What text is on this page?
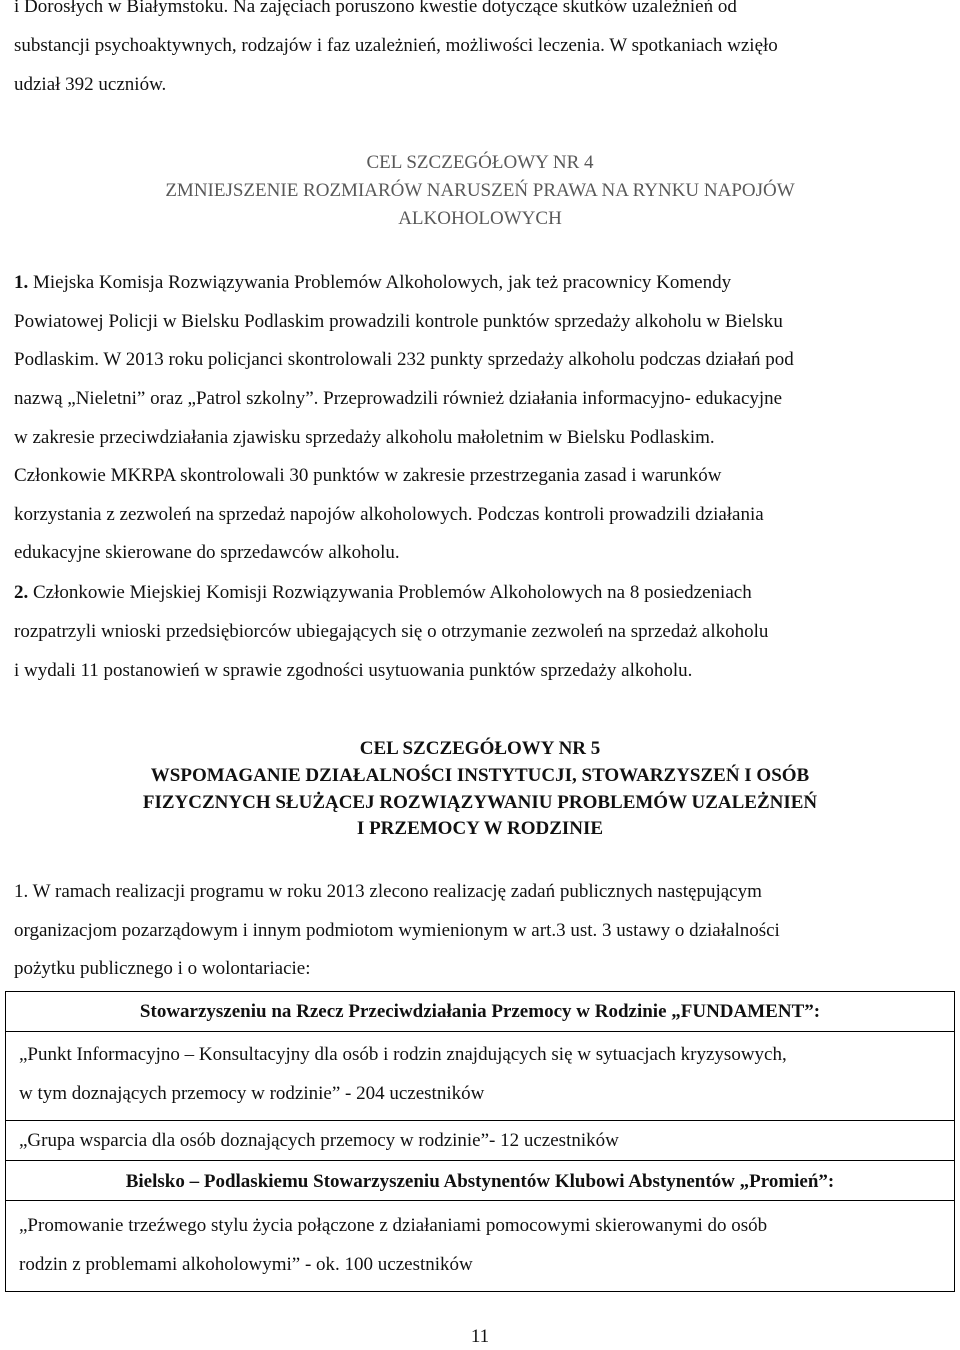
i Dorosłych w Białymstoku. Na zajęciach poruszono kwestie dotyczące skutków uzależnień od

substancji psychoaktywnych, rodzajów i faz uzależnień, możliwości leczenia. W spotkaniach wzięło

udział 392 uczniów.

CEL SZCZEGÓŁOWY NR 4

ZMNIEJSZENIE ROZMIARÓW NARUSZEŃ PRAWA NA RYNKU NAPOJÓW

ALKOHOLOWYCH

1. Miejska Komisja Rozwiązywania Problemów Alkoholowych, jak też pracownicy Komendy

Powiatowej Policji w Bielsku Podlaskim prowadzili kontrole punktów sprzedaży alkoholu w Bielsku

Podlaskim. W 2013 roku policjanci skontrolowali 232 punkty sprzedaży alkoholu podczas działań pod

nazwą „Nieletni” oraz „Patrol szkolny”. Przeprowadzili również działania informacyjno- edukacyjne

w zakresie przeciwdziałania zjawisku sprzedaży alkoholu małoletnim w Bielsku Podlaskim.

Członkowie MKRPA skontrolowali 30 punktów w zakresie przestrzegania zasad i warunków

korzystania z zezwoleń na sprzedaż napojów alkoholowych. Podczas kontroli prowadzili działania

edukacyjne skierowane do sprzedawców alkoholu.

2. Członkowie Miejskiej Komisji Rozwiązywania Problemów Alkoholowych na 8 posiedzeniach

rozpatrzyli wnioski przedsiębiorców ubiegających się o otrzymanie zezwoleń na sprzedaż alkoholu

i wydali 11 postanowień w sprawie zgodności usytuowania punktów sprzedaży alkoholu.

CEL SZCZEGÓŁOWY NR 5

WSPOMAGANIE DZIAŁALNOŚCI INSTYTUCJI, STOWARZYSZEŃ I OSÓB

FIZYCZNYCH SŁUŻĄCEJ ROZWIĄZYWANIU PROBLEMÓW UZALEŻNIEŃ

I PRZEMOCY W RODZINIE

1. W ramach realizacji programu w roku 2013 zlecono realizację zadań publicznych następującym

organizacjom pozarządowym i innym podmiotom wymienionym w art.3 ust. 3 ustawy o działalności

pożytku publicznego i o wolontariacie:

Stowarzyszeniu na Rzecz Przeciwdziałania Przemocy w Rodzinie „FUNDAMENT”:

„Punkt Informacyjno – Konsultacyjny dla osób i rodzin znajdujących się w sytuacjach kryzysowych,

w tym doznających przemocy w rodzinie” - 204 uczestników

„Grupa wsparcia dla osób doznających przemocy w rodzinie”- 12 uczestników

Bielsko – Podlaskiemu Stowarzyszeniu Abstynentów Klubowi Abstynentów „Promień”:

„Promowanie trzeźwego stylu życia połączone z działaniami pomocowymi skierowanymi do osób

rodzin z problemami alkoholowymi” - ok. 100 uczestników

11
